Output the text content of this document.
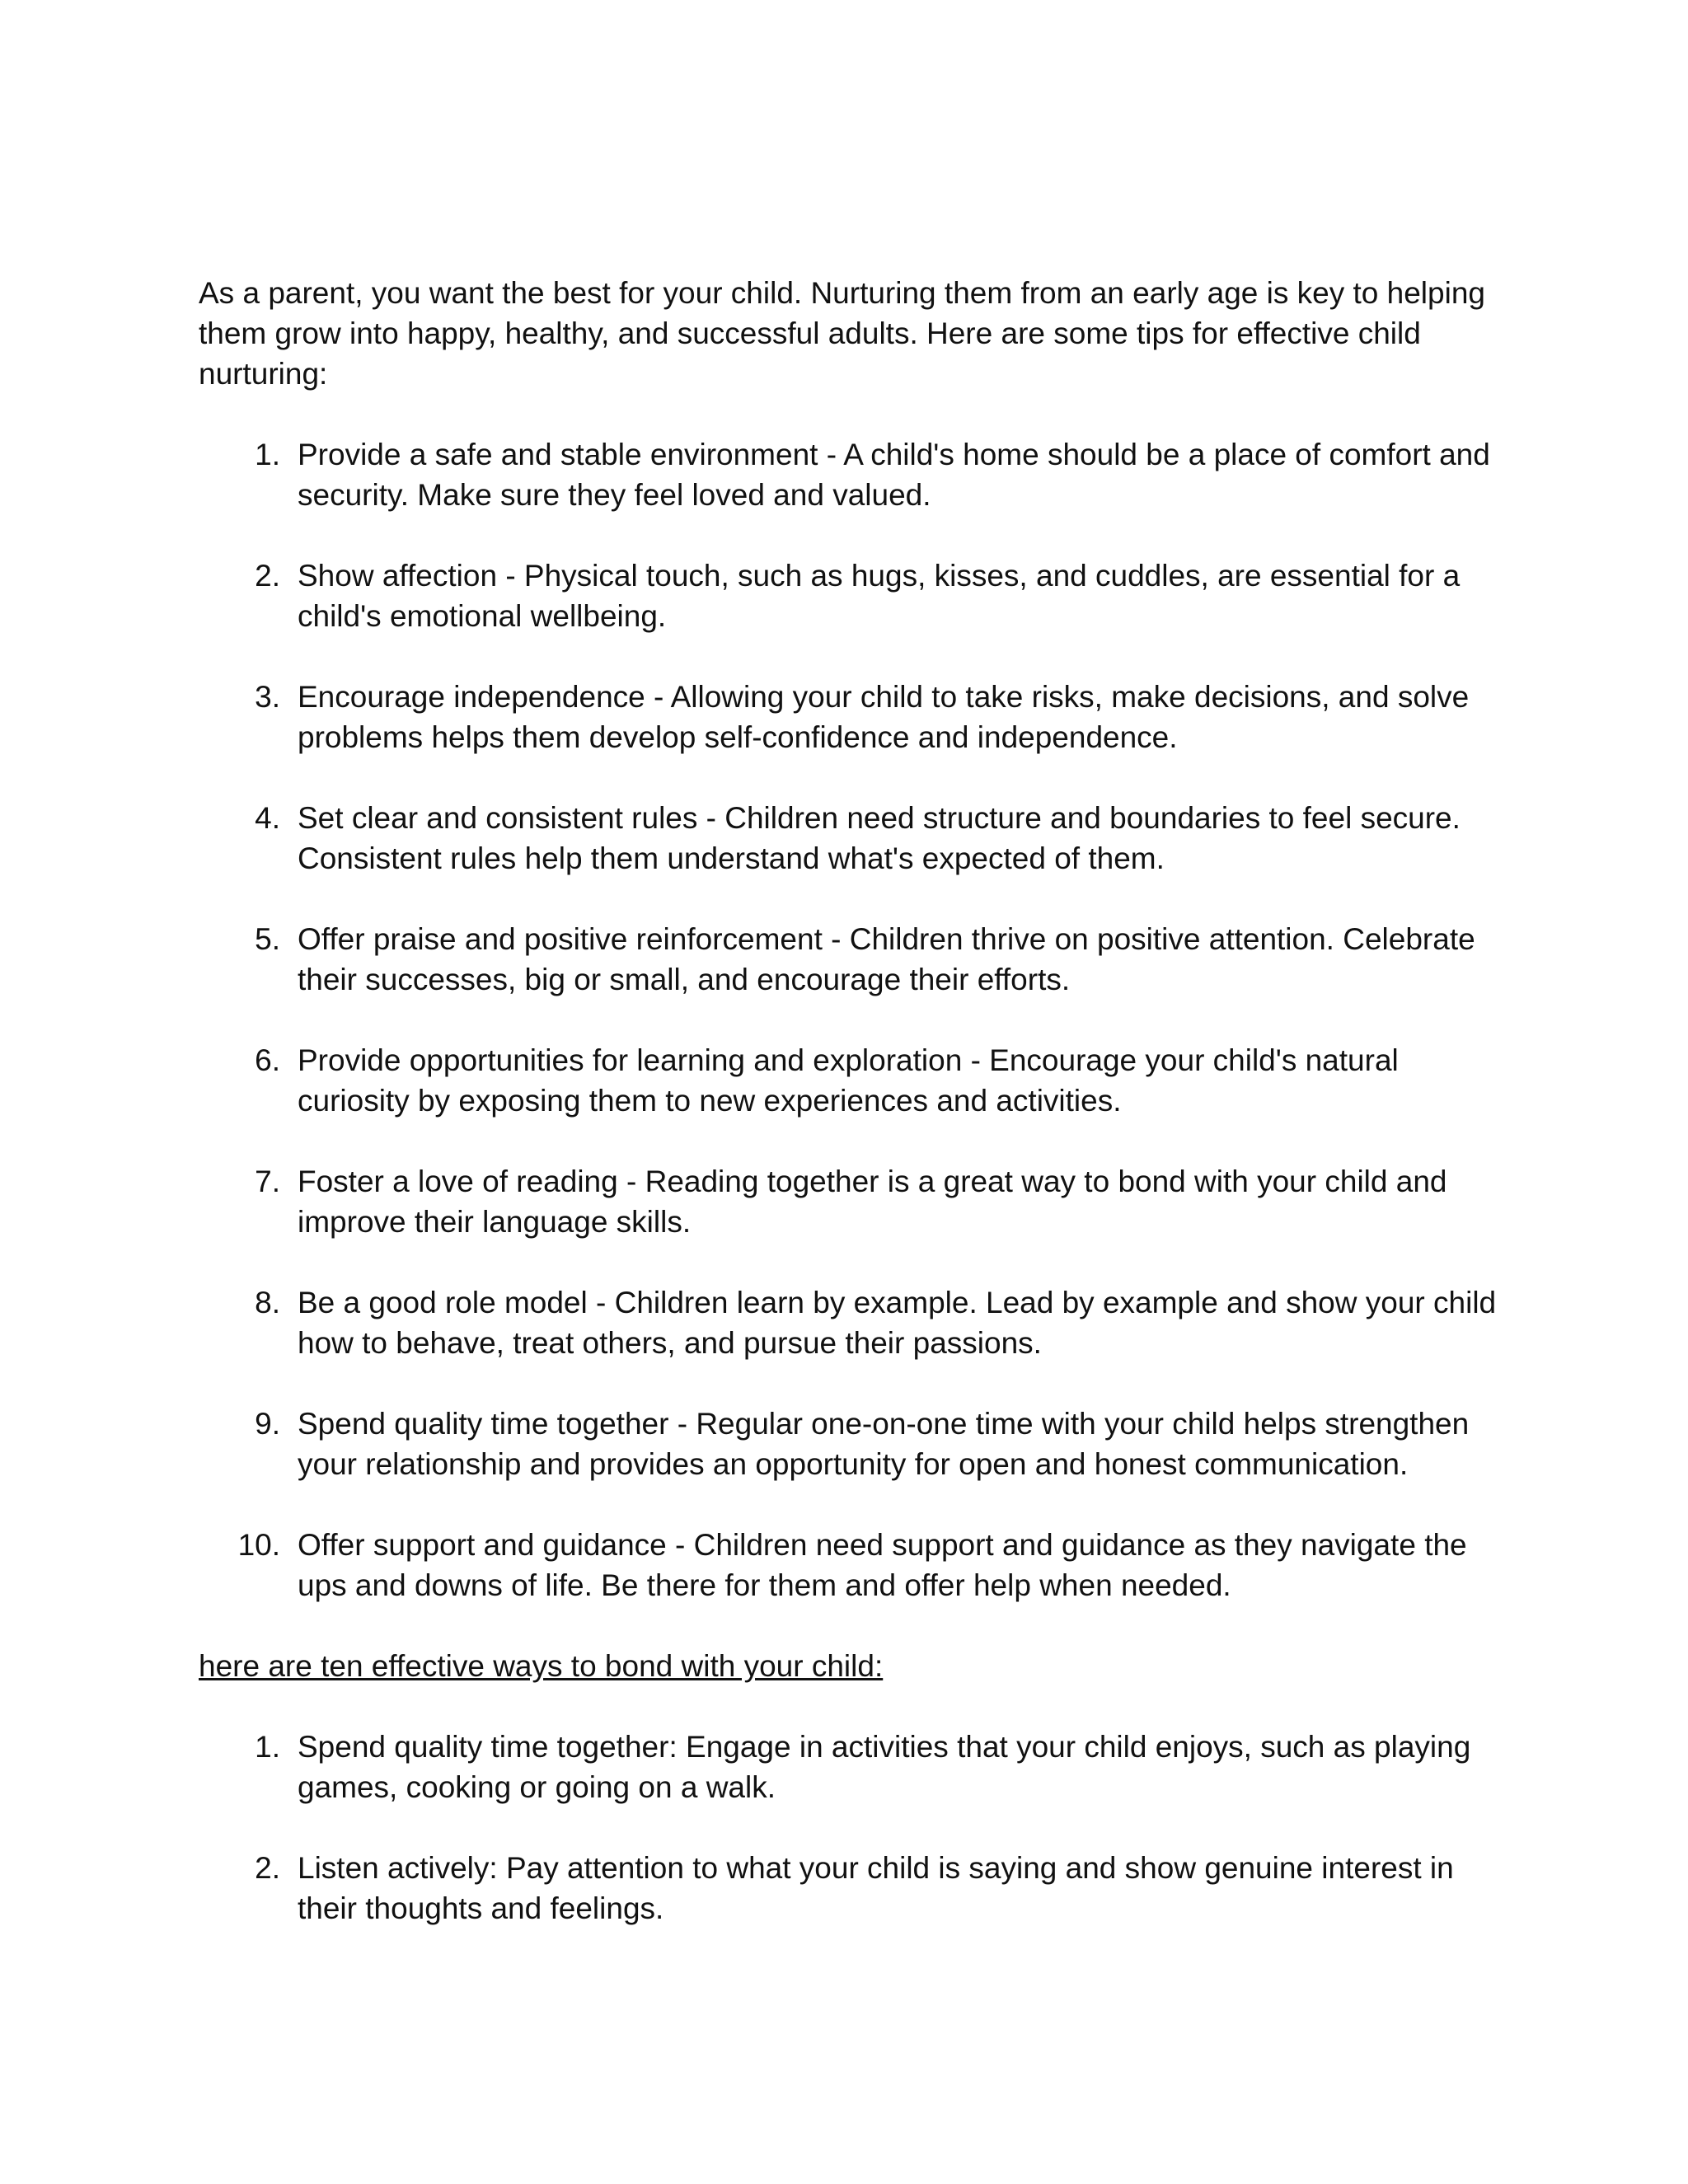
As a parent, you want the best for your child. Nurturing them from an early age is key to helping them grow into happy, healthy, and successful adults. Here are some tips for effective child nurturing:

1. Provide a safe and stable environment - A child's home should be a place of comfort and security. Make sure they feel loved and valued.
2. Show affection - Physical touch, such as hugs, kisses, and cuddles, are essential for a child's emotional wellbeing.
3. Encourage independence - Allowing your child to take risks, make decisions, and solve problems helps them develop self-confidence and independence.
4. Set clear and consistent rules - Children need structure and boundaries to feel secure. Consistent rules help them understand what's expected of them.
5. Offer praise and positive reinforcement - Children thrive on positive attention. Celebrate their successes, big or small, and encourage their efforts.
6. Provide opportunities for learning and exploration - Encourage your child's natural curiosity by exposing them to new experiences and activities.
7. Foster a love of reading - Reading together is a great way to bond with your child and improve their language skills.
8. Be a good role model - Children learn by example. Lead by example and show your child how to behave, treat others, and pursue their passions.
9. Spend quality time together - Regular one-on-one time with your child helps strengthen your relationship and provides an opportunity for open and honest communication.
10. Offer support and guidance - Children need support and guidance as they navigate the ups and downs of life. Be there for them and offer help when needed.

here are ten effective ways to bond with your child:

1. Spend quality time together: Engage in activities that your child enjoys, such as playing games, cooking or going on a walk.
2. Listen actively: Pay attention to what your child is saying and show genuine interest in their thoughts and feelings.
